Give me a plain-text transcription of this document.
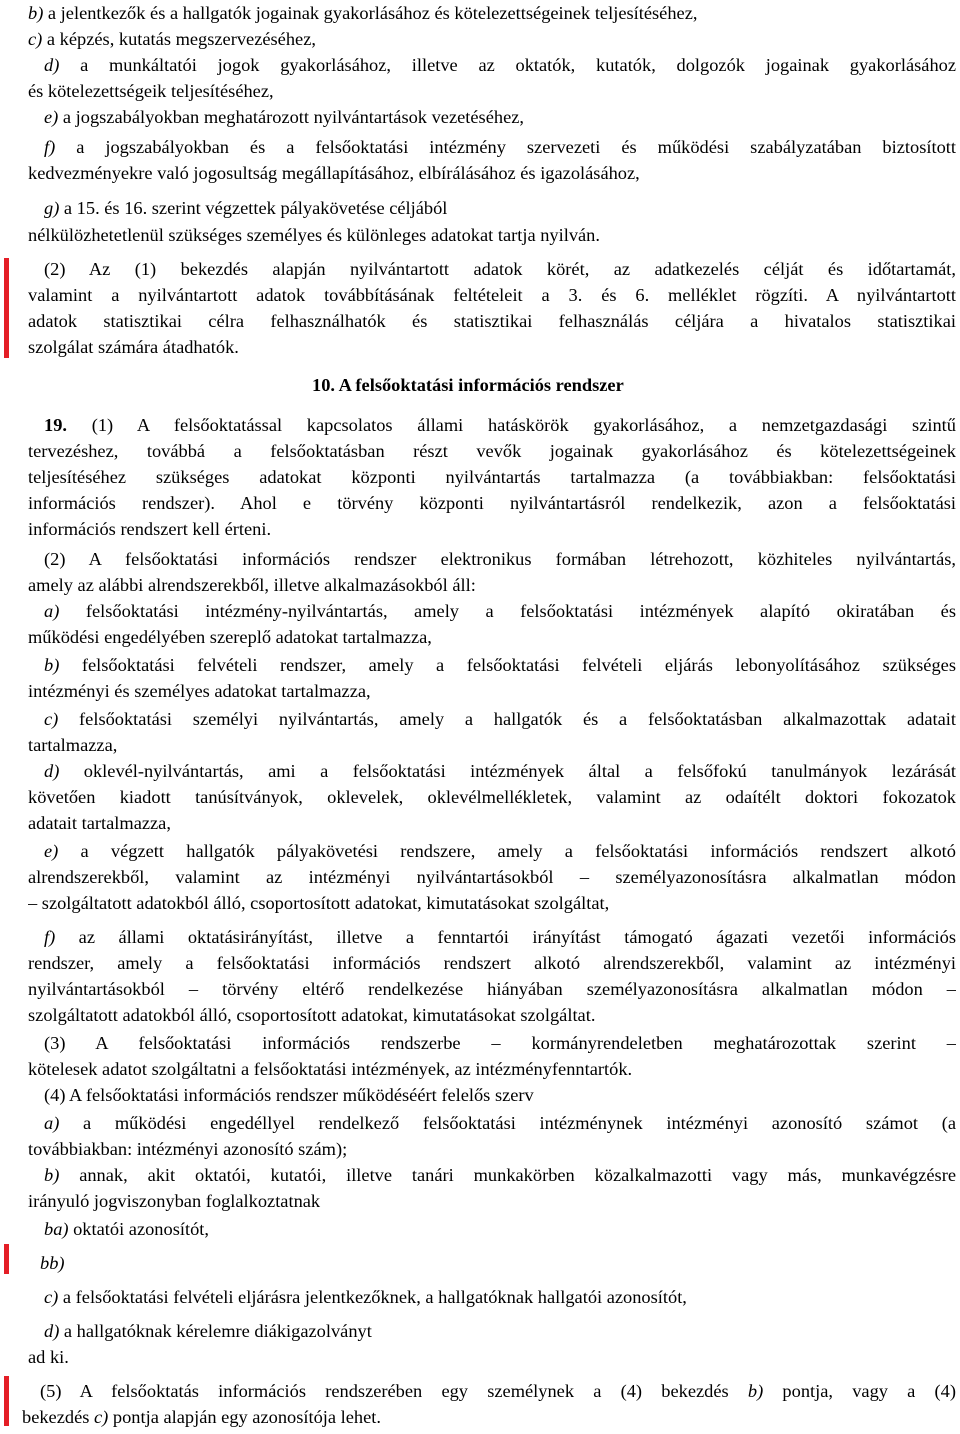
b) a jelentkezők és a hallgatók jogainak gyakorlásához és kötelezettségeinek teljesítéséhez,
c) a képzés, kutatás megszervezéséhez,
d) a munkáltatói jogok gyakorlásához, illetve az oktatók, kutatók, dolgozók jogainak gyakorlásához
és kötelezettségeik teljesítéséhez,
e) a jogszabályokban meghatározott nyilvántartások vezetéséhez,
f) a jogszabályokban és a felsőoktatási intézmény szervezeti és működési szabályzatában biztosított
kedvezményekre való jogosultság megállapításához, elbírálásához és igazolásához,
g) a 15. és 16. szerint végzettek pályakövetése céljából
nélkülözhetetlenül szükséges személyes és különleges adatokat tartja nyilván.
(2) Az (1) bekezdés alapján nyilvántartott adatok körét, az adatkezelés célját és időtartamát,
valamint a nyilvántartott adatok továbbításának feltételeit a 3. és 6. melléklet rögzíti. A nyilvántartott
adatok statisztikai célra felhasználhatók és statisztikai felhasználás céljára a hivatalos statisztikai
szolgálat számára átadhatók.
10. A felsőoktatási információs rendszer
19. (1) A felsőoktatással kapcsolatos állami hatáskörök gyakorlásához, a nemzetgazdasági szintű
tervezéshez, továbbá a felsőoktatásban részt vevők jogainak gyakorlásához és kötelezettségeinek
teljesítéséhez szükséges adatokat központi nyilvántartás tartalmazza (a továbbiakban: felsőoktatási
információs rendszer). Ahol e törvény központi nyilvántartásról rendelkezik, azon a felsőoktatási
információs rendszert kell érteni.
(2) A felsőoktatási információs rendszer elektronikus formában létrehozott, közhiteles nyilvántartás,
amely az alábbi alrendszerekből, illetve alkalmazásokból áll:
a) felsőoktatási intézmény-nyilvántartás, amely a felsőoktatási intézmények alapító okiratában és
működési engedélyében szereplő adatokat tartalmazza,
b) felsőoktatási felvételi rendszer, amely a felsőoktatási felvételi eljárás lebonyolításához szükséges
intézményi és személyes adatokat tartalmazza,
c) felsőoktatási személyi nyilvántartás, amely a hallgatók és a felsőoktatásban alkalmazottak adatait
tartalmazza,
d) oklevél-nyilvántartás, ami a felsőoktatási intézmények által a felsőfokú tanulmányok lezárását
követően kiadott tanúsítványok, oklevelek, oklevélmellékletek, valamint az odaítélt doktori fokozatok
adatait tartalmazza,
e) a végzett hallgatók pályakövetési rendszere, amely a felsőoktatási információs rendszert alkotó
alrendszerekből, valamint az intézményi nyilvántartásokból – személyazonosításra alkalmatlan módon
– szolgáltatott adatokból álló, csoportosított adatokat, kimutatásokat szolgáltat,
f) az állami oktatásirányítást, illetve a fenntartói irányítást támogató ágazati vezetői információs
rendszer, amely a felsőoktatási információs rendszert alkotó alrendszerekből, valamint az intézményi
nyilvántartásokból – törvény eltérő rendelkezése hiányában személyazonosításra alkalmatlan módon –
szolgáltatott adatokból álló, csoportosított adatokat, kimutatásokat szolgáltat.
(3) A felsőoktatási információs rendszerbe – kormányrendeletben meghatározottak szerint –
kötelesek adatot szolgáltatni a felsőoktatási intézmények, az intézményfenntartók.
(4) A felsőoktatási információs rendszer működéséért felelős szerv
a) a működési engedéllyel rendelkező felsőoktatási intézménynek intézményi azonosító számot (a
továbbiakban: intézményi azonosító szám);
b) annak, akit oktatói, kutatói, illetve tanári munkakörben közalkalmazotti vagy más, munkavégzésre
irányuló jogviszonyban foglalkoztatnak
ba) oktatói azonosítót,
bb)
c) a felsőoktatási felvételi eljárásra jelentkezőknek, a hallgatóknak hallgatói azonosítót,
d) a hallgatóknak kérelemre diákigazolványt
ad ki.
(5) A felsőoktatás információs rendszerében egy személynek a (4) bekezdés b) pontja, vagy a (4)
bekezdés c) pontja alapján egy azonosítója lehet.
